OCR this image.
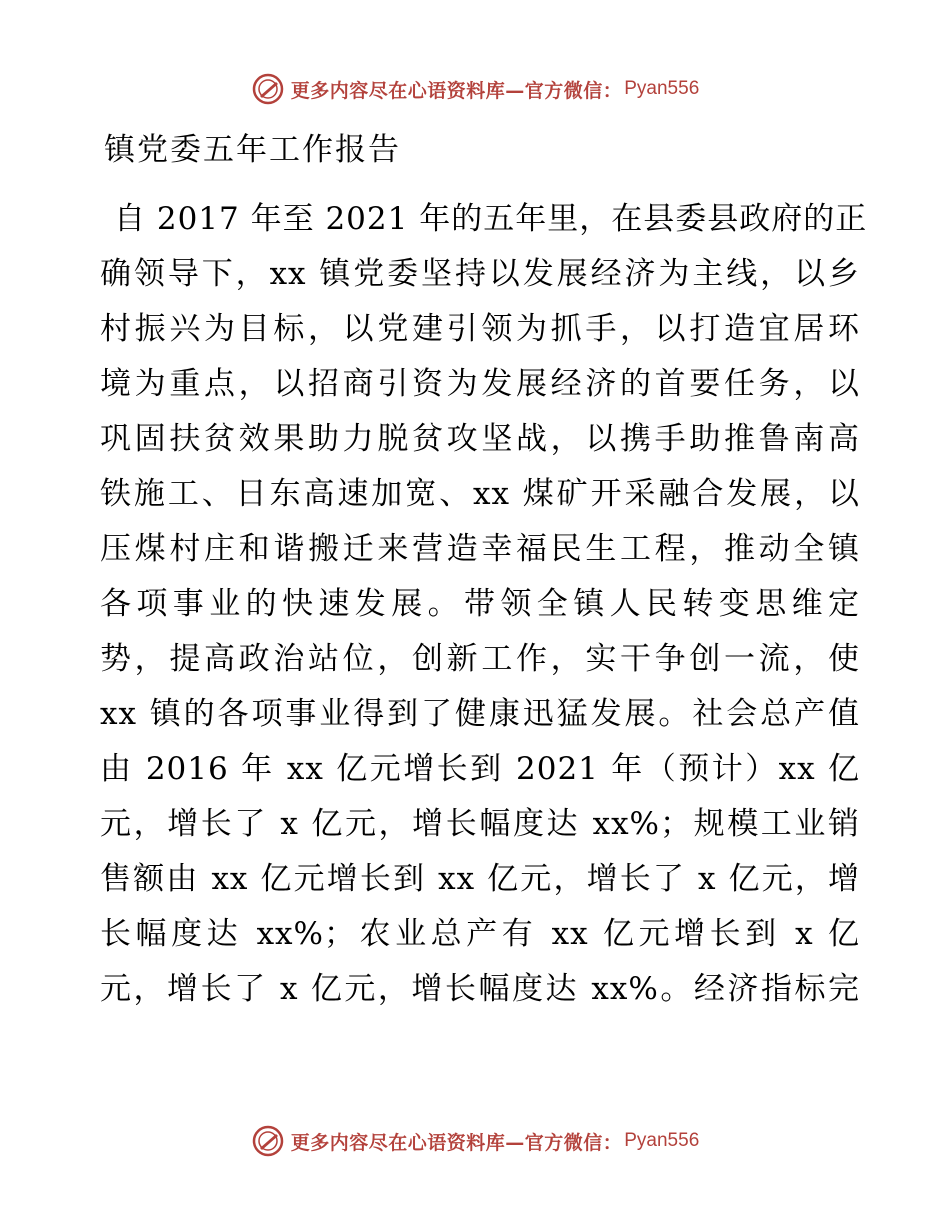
更多内容尽在心语资料库—官方微信： Pyan556
镇党委五年工作报告
自 2017 年至 2021 年的五年里，在县委县政府的正
确领导下，xx 镇党委坚持以发展经济为主线，以乡
村振兴为目标，以党建引领为抓手，以打造宜居环
境为重点，以招商引资为发展经济的首要任务，以
巩固扶贫效果助力脱贫攻坚战，以携手助推鲁南高
铁施工、日东高速加宽、xx 煤矿开采融合发展，以
压煤村庄和谐搬迁来营造幸福民生工程，推动全镇
各项事业的快速发展。带领全镇人民转变思维定
势，提高政治站位，创新工作，实干争创一流，使
xx 镇的各项事业得到了健康迅猛发展。社会总产值
由 2016 年 xx 亿元增长到 2021 年（预计）xx 亿
元，增长了 x 亿元，增长幅度达 xx%；规模工业销
售额由 xx 亿元增长到 xx 亿元，增长了 x 亿元，增
长幅度达 xx%；农业总产有 xx 亿元增长到 x 亿
元，增长了 x 亿元，增长幅度达 xx%。经济指标完
更多内容尽在心语资料库—官方微信： Pyan556
